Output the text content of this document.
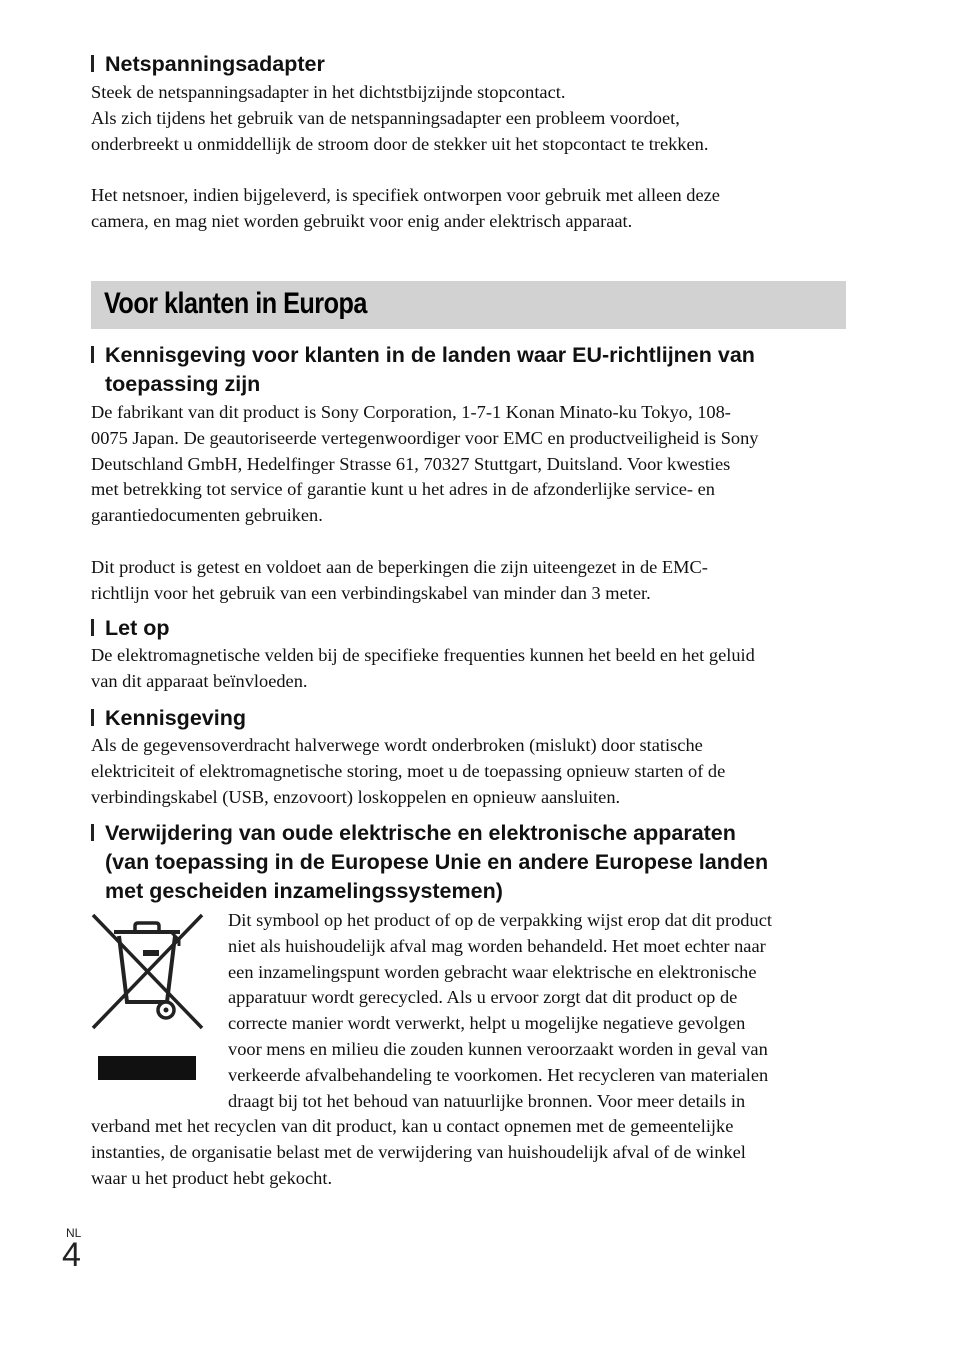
Netspanningsadapter

Steek de netspanningsadapter in het dichtstbijzijnde stopcontact.
Als zich tijdens het gebruik van de netspanningsadapter een probleem voordoet,
onderbreekt u onmiddellijk de stroom door de stekker uit het stopcontact te trekken.

Het netsnoer, indien bijgeleverd, is specifiek ontworpen voor gebruik met alleen deze
camera, en mag niet worden gebruikt voor enig ander elektrisch apparaat.

Voor klanten in Europa
Kennisgeving voor klanten in de landen waar EU-richtlijnen van
toepassing zijn

De fabrikant van dit product is Sony Corporation, 1-7-1 Konan Minato-ku Tokyo, 108-
0075 Japan. De geautoriseerde vertegenwoordiger voor EMC en productveiligheid is Sony
Deutschland GmbH, Hedelfinger Strasse 61, 70327 Stuttgart, Duitsland. Voor kwesties
met betrekking tot service of garantie kunt u het adres in de afzonderlijke service- en
garantiedocumenten gebruiken.

Dit product is getest en voldoet aan de beperkingen die zijn uiteengezet in de EMC-
richtlijn voor het gebruik van een verbindingskabel van minder dan 3 meter.

Let op

De elektromagnetische velden bij de specifieke frequenties kunnen het beeld en het geluid
van dit apparaat beïnvloeden.

Kennisgeving

Als de gegevensoverdracht halverwege wordt onderbroken (mislukt) door statische
elektriciteit of elektromagnetische storing, moet u de toepassing opnieuw starten of de
verbindingskabel (USB, enzovoort) loskoppelen en opnieuw aansluiten.

Verwijdering van oude elektrische en elektronische apparaten
(van toepassing in de Europese Unie en andere Europese landen
met gescheiden inzamelingssystemen)

Dit symbool op het product of op de verpakking wijst erop dat dit product
niet als huishoudelijk afval mag worden behandeld. Het moet echter naar
een inzamelingspunt worden gebracht waar elektrische en elektronische
apparatuur wordt gerecycled. Als u ervoor zorgt dat dit product op de
correcte manier wordt verwerkt, helpt u mogelijke negatieve gevolgen
voor mens en milieu die zouden kunnen veroorzaakt worden in geval van
verkeerde afvalbehandeling te voorkomen. Het recycleren van materialen
draagt bij tot het behoud van natuurlijke bronnen. Voor meer details in

verband met het recyclen van dit product, kan u contact opnemen met de gemeentelijke
instanties, de organisatie belast met de verwijdering van huishoudelijk afval of de winkel
waar u het product hebt gekocht.

NL
4
